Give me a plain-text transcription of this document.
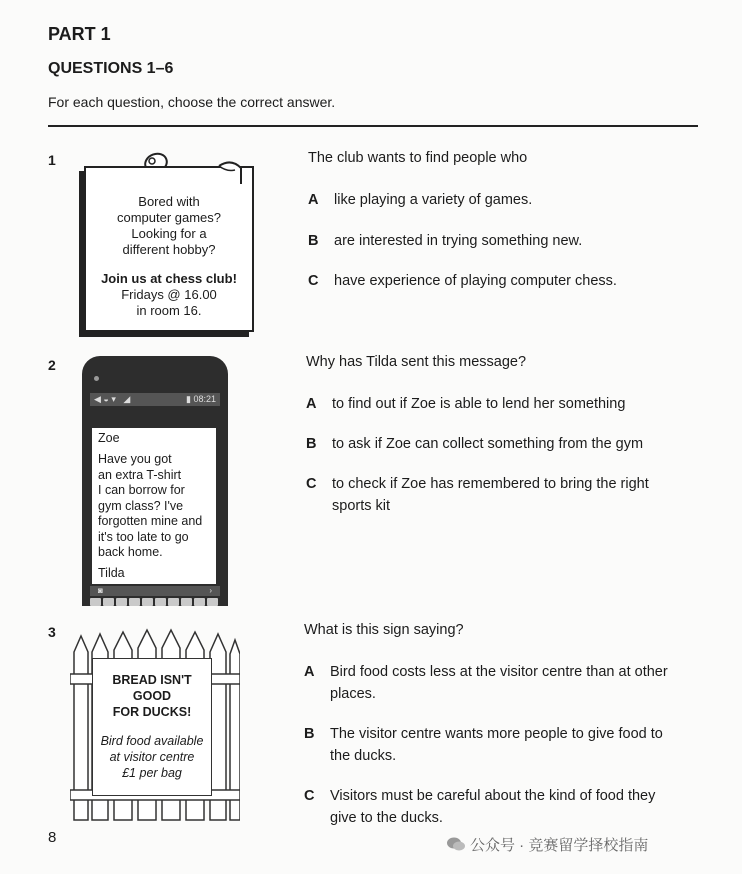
PART 1
QUESTIONS 1–6
For each question, choose the correct answer.
1
Bored with
computer games?
Looking for a
different hobby?
Join us at chess club!
Fridays @ 16.00
in room 16.
The club wants to find people who
A like playing a variety of games.
B are interested in trying something new.
C have experience of playing computer chess.
2
◀ ◒ ▾   ◢	▮ 08:21
Zoe
Have you got
an extra T-shirt
I can borrow for
gym class? I've
forgotten mine and
it's too late to go
back home.
Tilda
◙	›
Why has Tilda sent this message?
A to find out if Zoe is able to lend her something
B to ask if Zoe can collect something from the gym
C to check if Zoe has remembered to bring the right
sports kit
3
BREAD ISN'T
GOOD
FOR DUCKS!
Bird food available
at visitor centre
£1 per bag
What is this sign saying?
A Bird food costs less at the visitor centre than at other
places.
B The visitor centre wants more people to give food to
the ducks.
C Visitors must be careful about the kind of food they
give to the ducks.
8	公众号 · 竞赛留学择校指南
